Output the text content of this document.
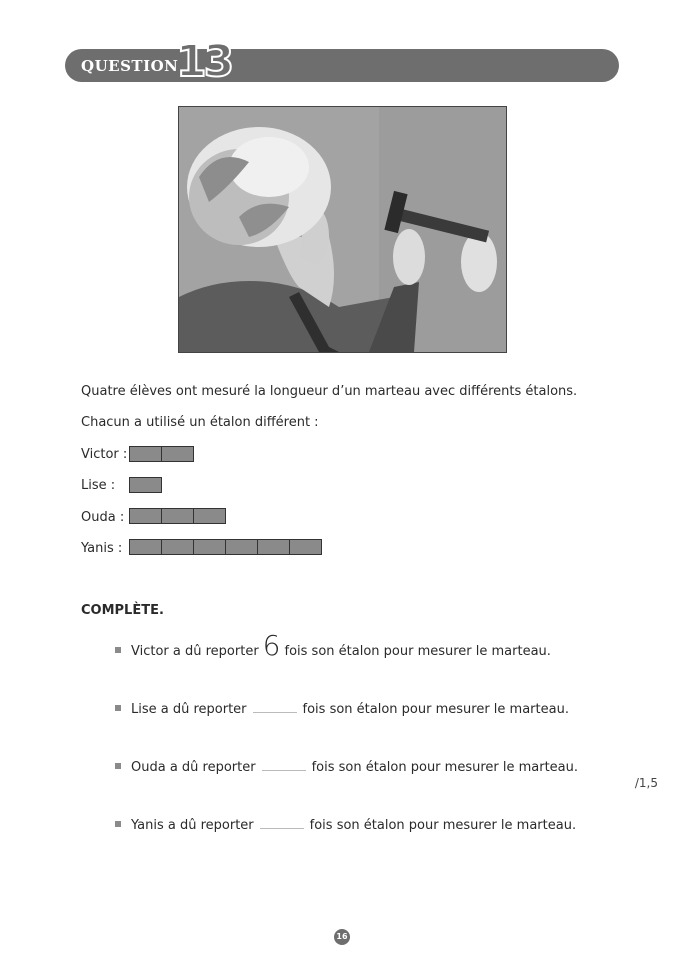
QUESTION
13
Quatre élèves ont mesuré la longueur d’un marteau avec différents étalons.
Chacun a utilisé un étalon différent :
Victor :
Lise :
Ouda :
Yanis :
COMPLÈTE.
Victor a dû reporter 6 fois son étalon pour mesurer le marteau.
Lise a dû reporter	fois son étalon pour mesurer le marteau.
Ouda a dû reporter	fois son étalon pour mesurer le marteau.
Yanis a dû reporter	fois son étalon pour mesurer le marteau.
/1,5
16
